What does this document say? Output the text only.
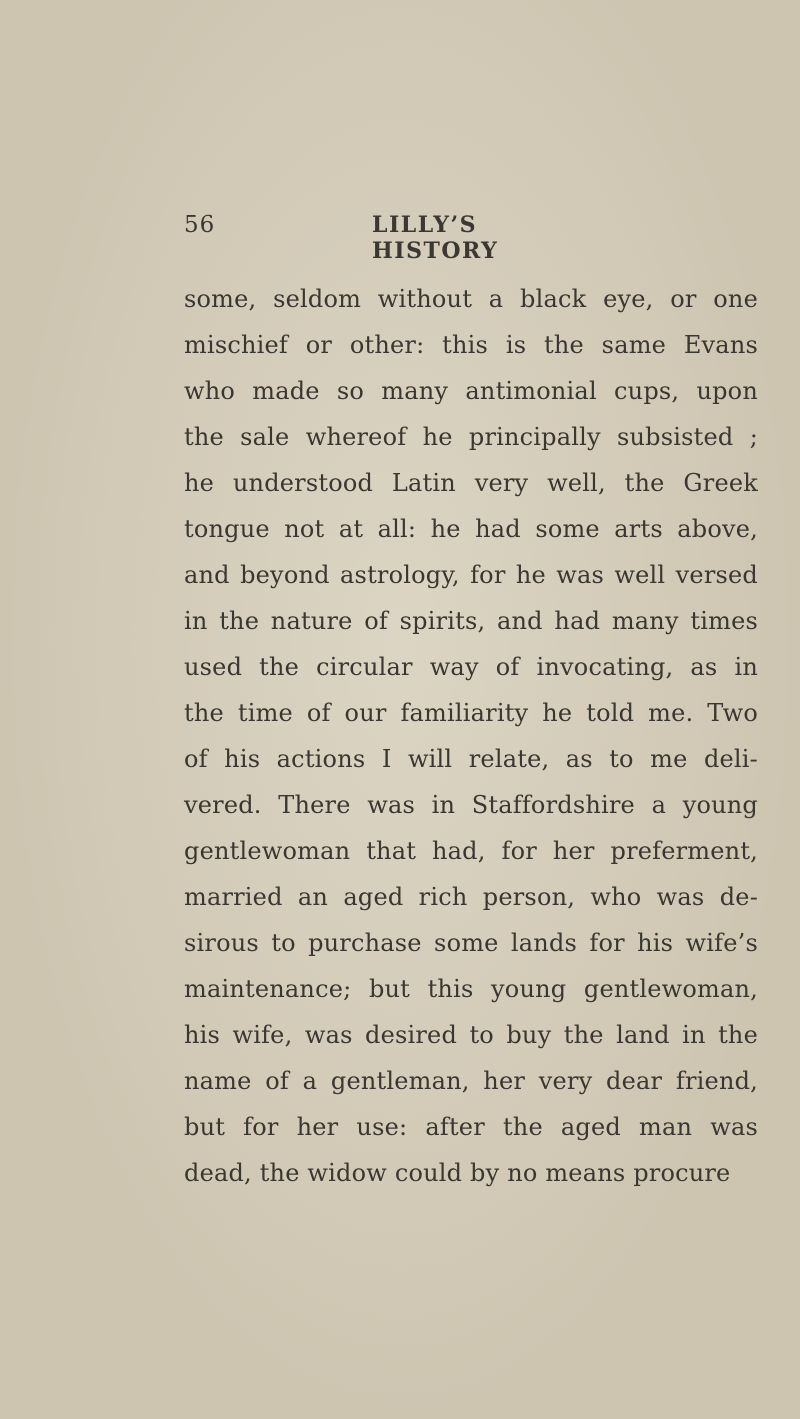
56	LILLY’S HISTORY
some, seldom without a black eye, or one
mischief or other: this is the same Evans
who made so many antimonial cups, upon
the sale whereof he principally subsisted ;
he understood Latin very well, the Greek
tongue not at all: he had some arts above,
and beyond astrology, for he was well versed
in the nature of spirits, and had many times
used the circular way of invocating, as in
the time of our familiarity he told me. Two
of his actions I will relate, as to me deli-
vered. There was in Staffordshire a young
gentlewoman that had, for her preferment,
married an aged rich person, who was de-
sirous to purchase some lands for his wife’s
maintenance; but this young gentlewoman,
his wife, was desired to buy the land in the
name of a gentleman, her very dear friend,
but for her use: after the aged man was
dead, the widow could by no means procure
